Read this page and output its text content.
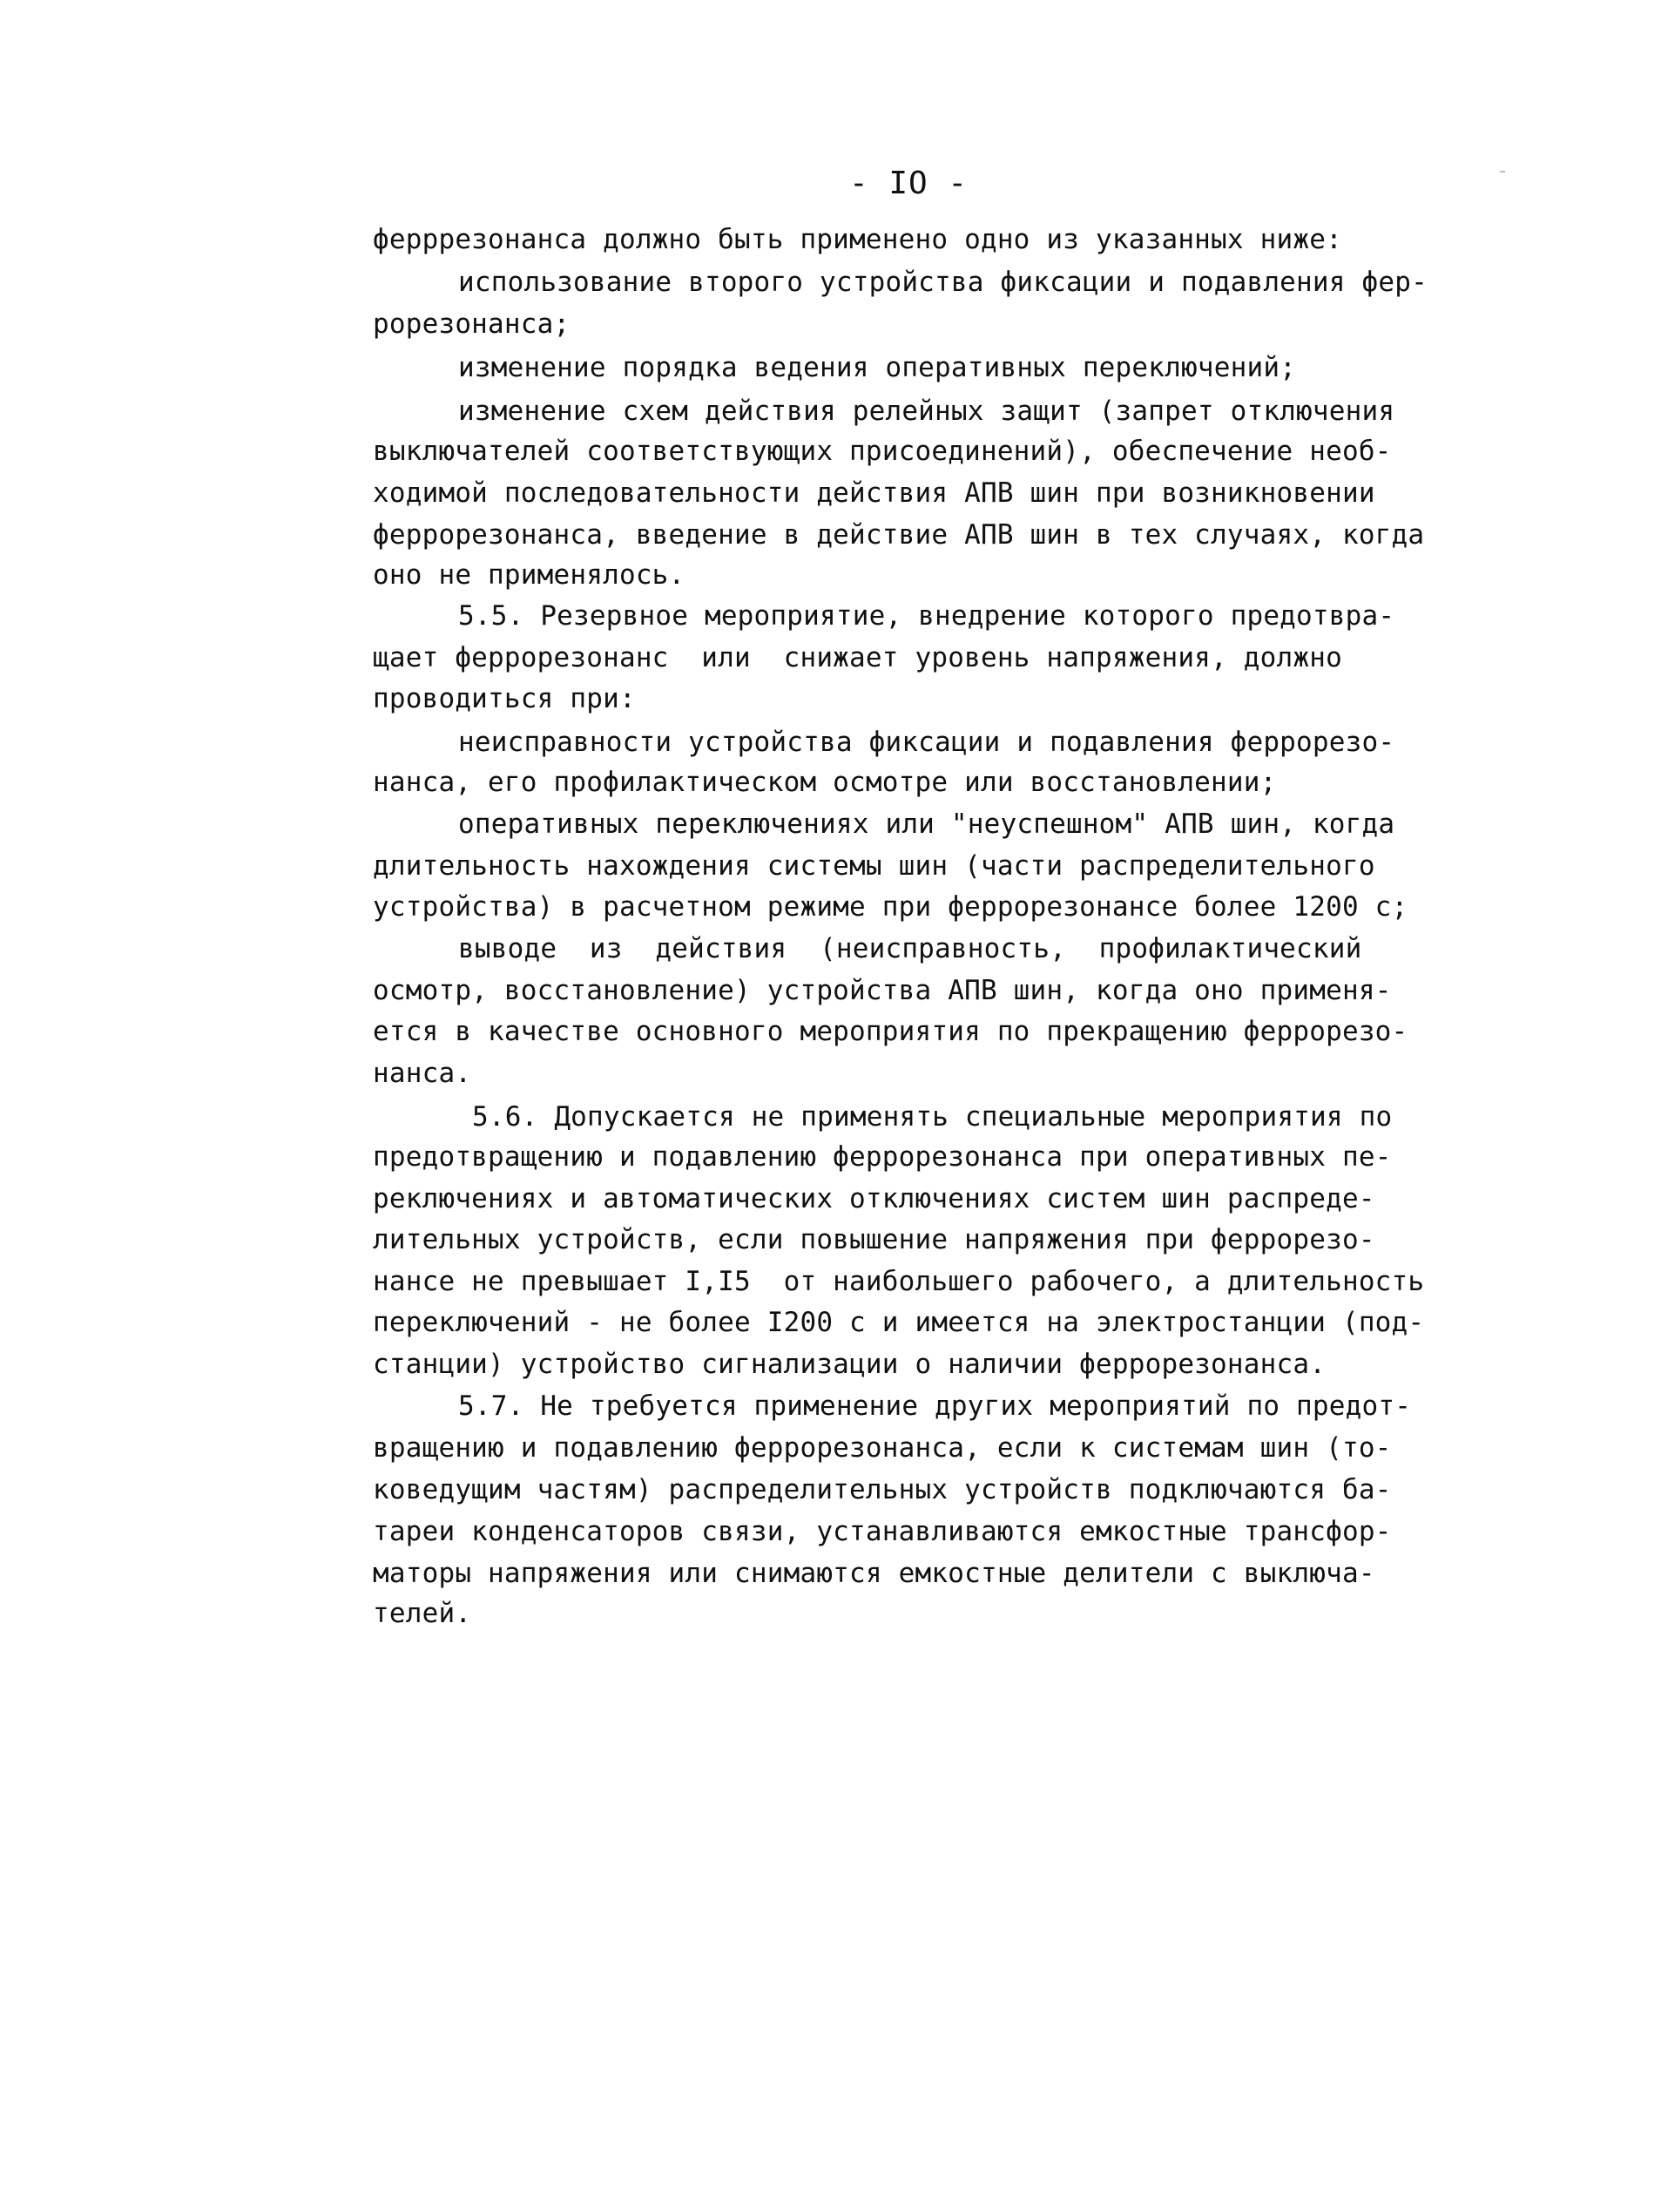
- IO -
ферррезонанса должно быть применено одно из указанных ниже:
использование второго устройства фиксации и подавления фер-
рорезонанса;
изменение порядка ведения оперативных переключений;
изменение схем действия релейных защит (запрет отключения
выключателей соответствующих присоединений), обеспечение необ-
ходимой последовательности действия АПВ шин при возникновении
феррорезонанса, введение в действие АПВ шин в тех случаях, когда
оно не применялось.
5.5. Резервное мероприятие, внедрение которого предотвра-
щает феррорезонанс  или  снижает уровень напряжения, должно
проводиться при:
неисправности устройства фиксации и подавления феррорезо-
нанса, его профилактическом осмотре или восстановлении;
оперативных переключениях или "неуспешном" АПВ шин, когда
длительность нахождения системы шин (части распределительного
устройства) в расчетном режиме при феррорезонансе более 1200 с;
выводе  из  действия  (неисправность,  профилактический
осмотр, восстановление) устройства АПВ шин, когда оно применя-
ется в качестве основного мероприятия по прекращению феррорезо-
нанса.
5.6. Допускается не применять специальные мероприятия по
предотвращению и подавлению феррорезонанса при оперативных пе-
реключениях и автоматических отключениях систем шин распреде-
лительных устройств, если повышение напряжения при феррорезо-
нансе не превышает I,I5  от наибольшего рабочего, а длительность
переключений - не более I200 с и имеется на электростанции (под-
станции) устройство сигнализации о наличии феррорезонанса.
5.7. Не требуется применение других мероприятий по предот-
вращению и подавлению феррорезонанса, если к системам шин (то-
ковeдущим частям) распределительных устройств подключаются ба-
тареи конденсаторов связи, устанавливаются емкостные трансфор-
маторы напряжения или снимаются емкостные делители с выключа-
телей.
